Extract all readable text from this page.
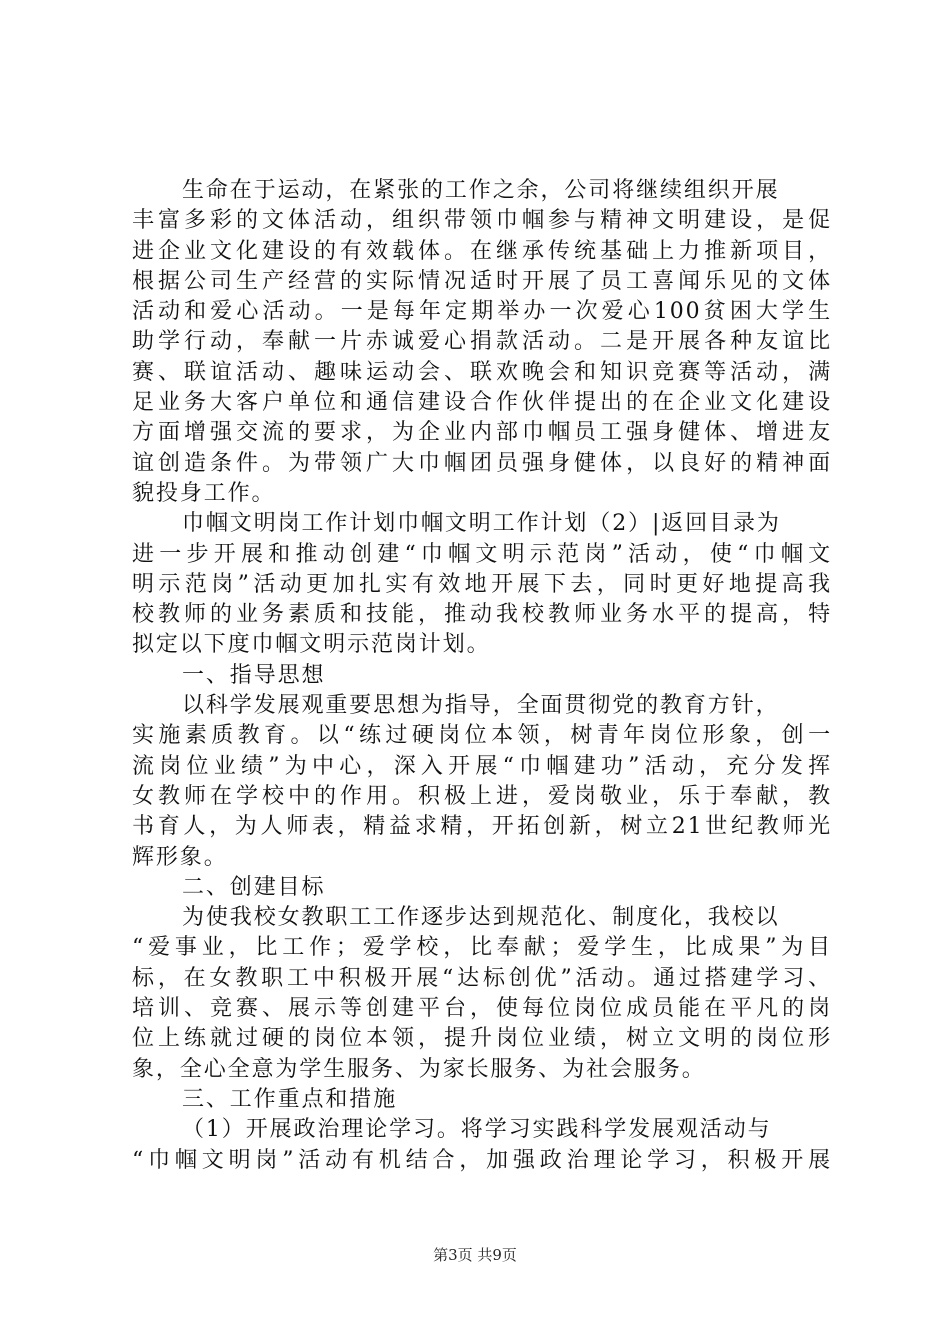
生命在于运动，在紧张的工作之余，公司将继续组织开展
丰富多彩的文体活动，组织带领巾帼参与精神文明建设，是促
进企业文化建设的有效载体。在继承传统基础上力推新项目，
根据公司生产经营的实际情况适时开展了员工喜闻乐见的文体
活动和爱心活动。一是每年定期举办一次爱心100贫困大学生
助学行动，奉献一片赤诚爱心捐款活动。二是开展各种友谊比
赛、联谊活动、趣味运动会、联欢晚会和知识竞赛等活动，满
足业务大客户单位和通信建设合作伙伴提出的在企业文化建设
方面增强交流的要求，为企业内部巾帼员工强身健体、增进友
谊创造条件。为带领广大巾帼团员强身健体，以良好的精神面
貌投身工作。
巾帼文明岗工作计划巾帼文明工作计划（2）|返回目录为
进一步开展和推动创建“巾帼文明示范岗”活动，使“巾帼文
明示范岗”活动更加扎实有效地开展下去，同时更好地提高我
校教师的业务素质和技能，推动我校教师业务水平的提高，特
拟定以下度巾帼文明示范岗计划。
一、指导思想
以科学发展观重要思想为指导，全面贯彻党的教育方针，
实施素质教育。以“练过硬岗位本领，树青年岗位形象，创一
流岗位业绩”为中心，深入开展“巾帼建功”活动，充分发挥
女教师在学校中的作用。积极上进，爱岗敬业，乐于奉献，教
书育人，为人师表，精益求精，开拓创新，树立21世纪教师光
辉形象。
二、创建目标
为使我校女教职工工作逐步达到规范化、制度化，我校以
“爱事业，比工作；爱学校，比奉献；爱学生，比成果”为目
标，在女教职工中积极开展“达标创优”活动。通过搭建学习、
培训、竞赛、展示等创建平台，使每位岗位成员能在平凡的岗
位上练就过硬的岗位本领，提升岗位业绩，树立文明的岗位形
象，全心全意为学生服务、为家长服务、为社会服务。
三、工作重点和措施
（1）开展政治理论学习。将学习实践科学发展观活动与
“巾帼文明岗”活动有机结合，加强政治理论学习，积极开展
第3页 共9页
